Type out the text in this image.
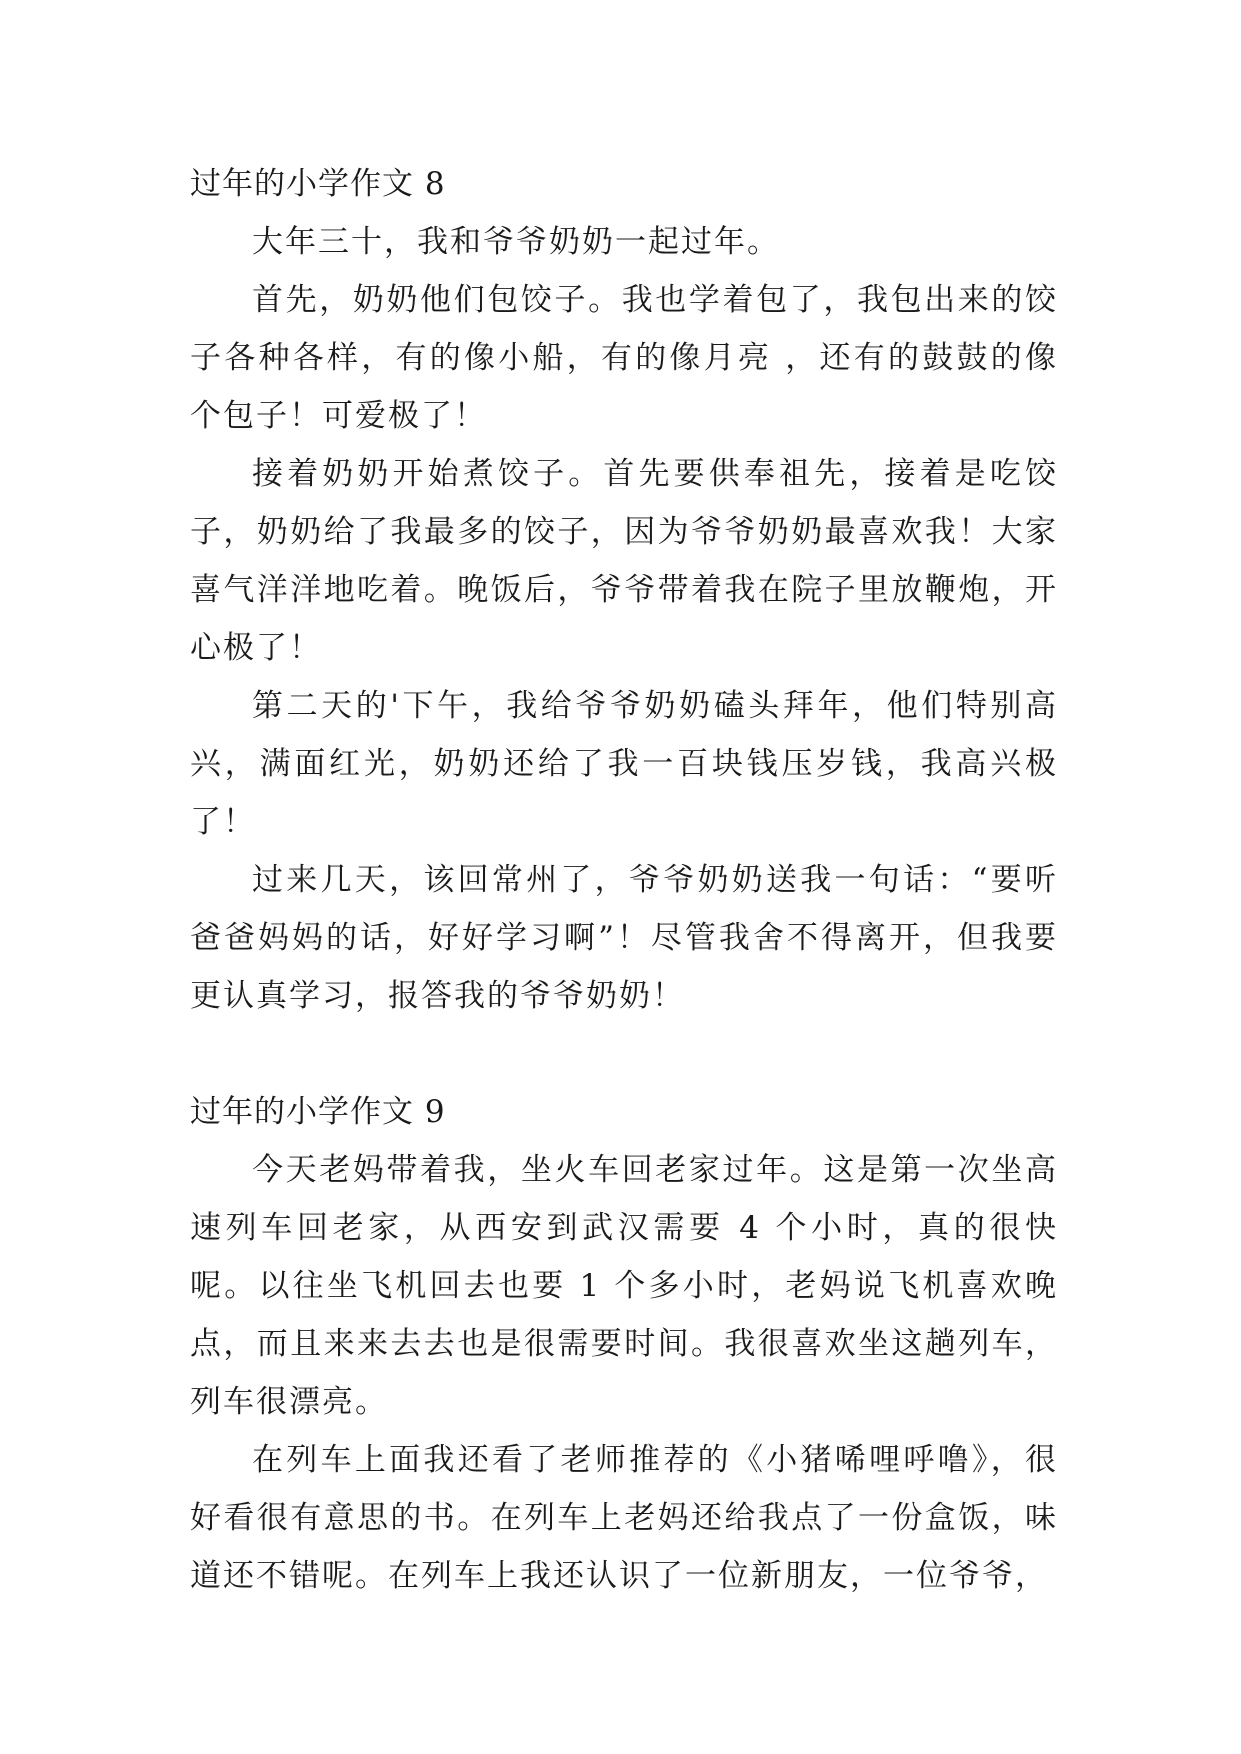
过年的小学作文 8

大年三十，我和爷爷奶奶一起过年。

首先，奶奶他们包饺子。我也学着包了，我包出来的饺子各种各样，有的像小船，有的像月亮 ，还有的鼓鼓的像个包子！可爱极了！

接着奶奶开始煮饺子。首先要供奉祖先，接着是吃饺子，奶奶给了我最多的饺子，因为爷爷奶奶最喜欢我！大家喜气洋洋地吃着。晚饭后，爷爷带着我在院子里放鞭炮，开心极了！

第二天的'下午，我给爷爷奶奶磕头拜年，他们特别高兴，满面红光，奶奶还给了我一百块钱压岁钱，我高兴极了！

过来几天，该回常州了，爷爷奶奶送我一句话：“要听爸爸妈妈的话，好好学习啊”！尽管我舍不得离开，但我要更认真学习，报答我的爷爷奶奶！

过年的小学作文 9

今天老妈带着我，坐火车回老家过年。这是第一次坐高速列车回老家，从西安到武汉需要 4 个小时，真的很快呢。以往坐飞机回去也要 1 个多小时，老妈说飞机喜欢晚点，而且来来去去也是很需要时间。我很喜欢坐这趟列车，列车很漂亮。

在列车上面我还看了老师推荐的《小猪唏哩呼噜》，很好看很有意思的书。在列车上老妈还给我点了一份盒饭，味道还不错呢。在列车上我还认识了一位新朋友，一位爷爷，
